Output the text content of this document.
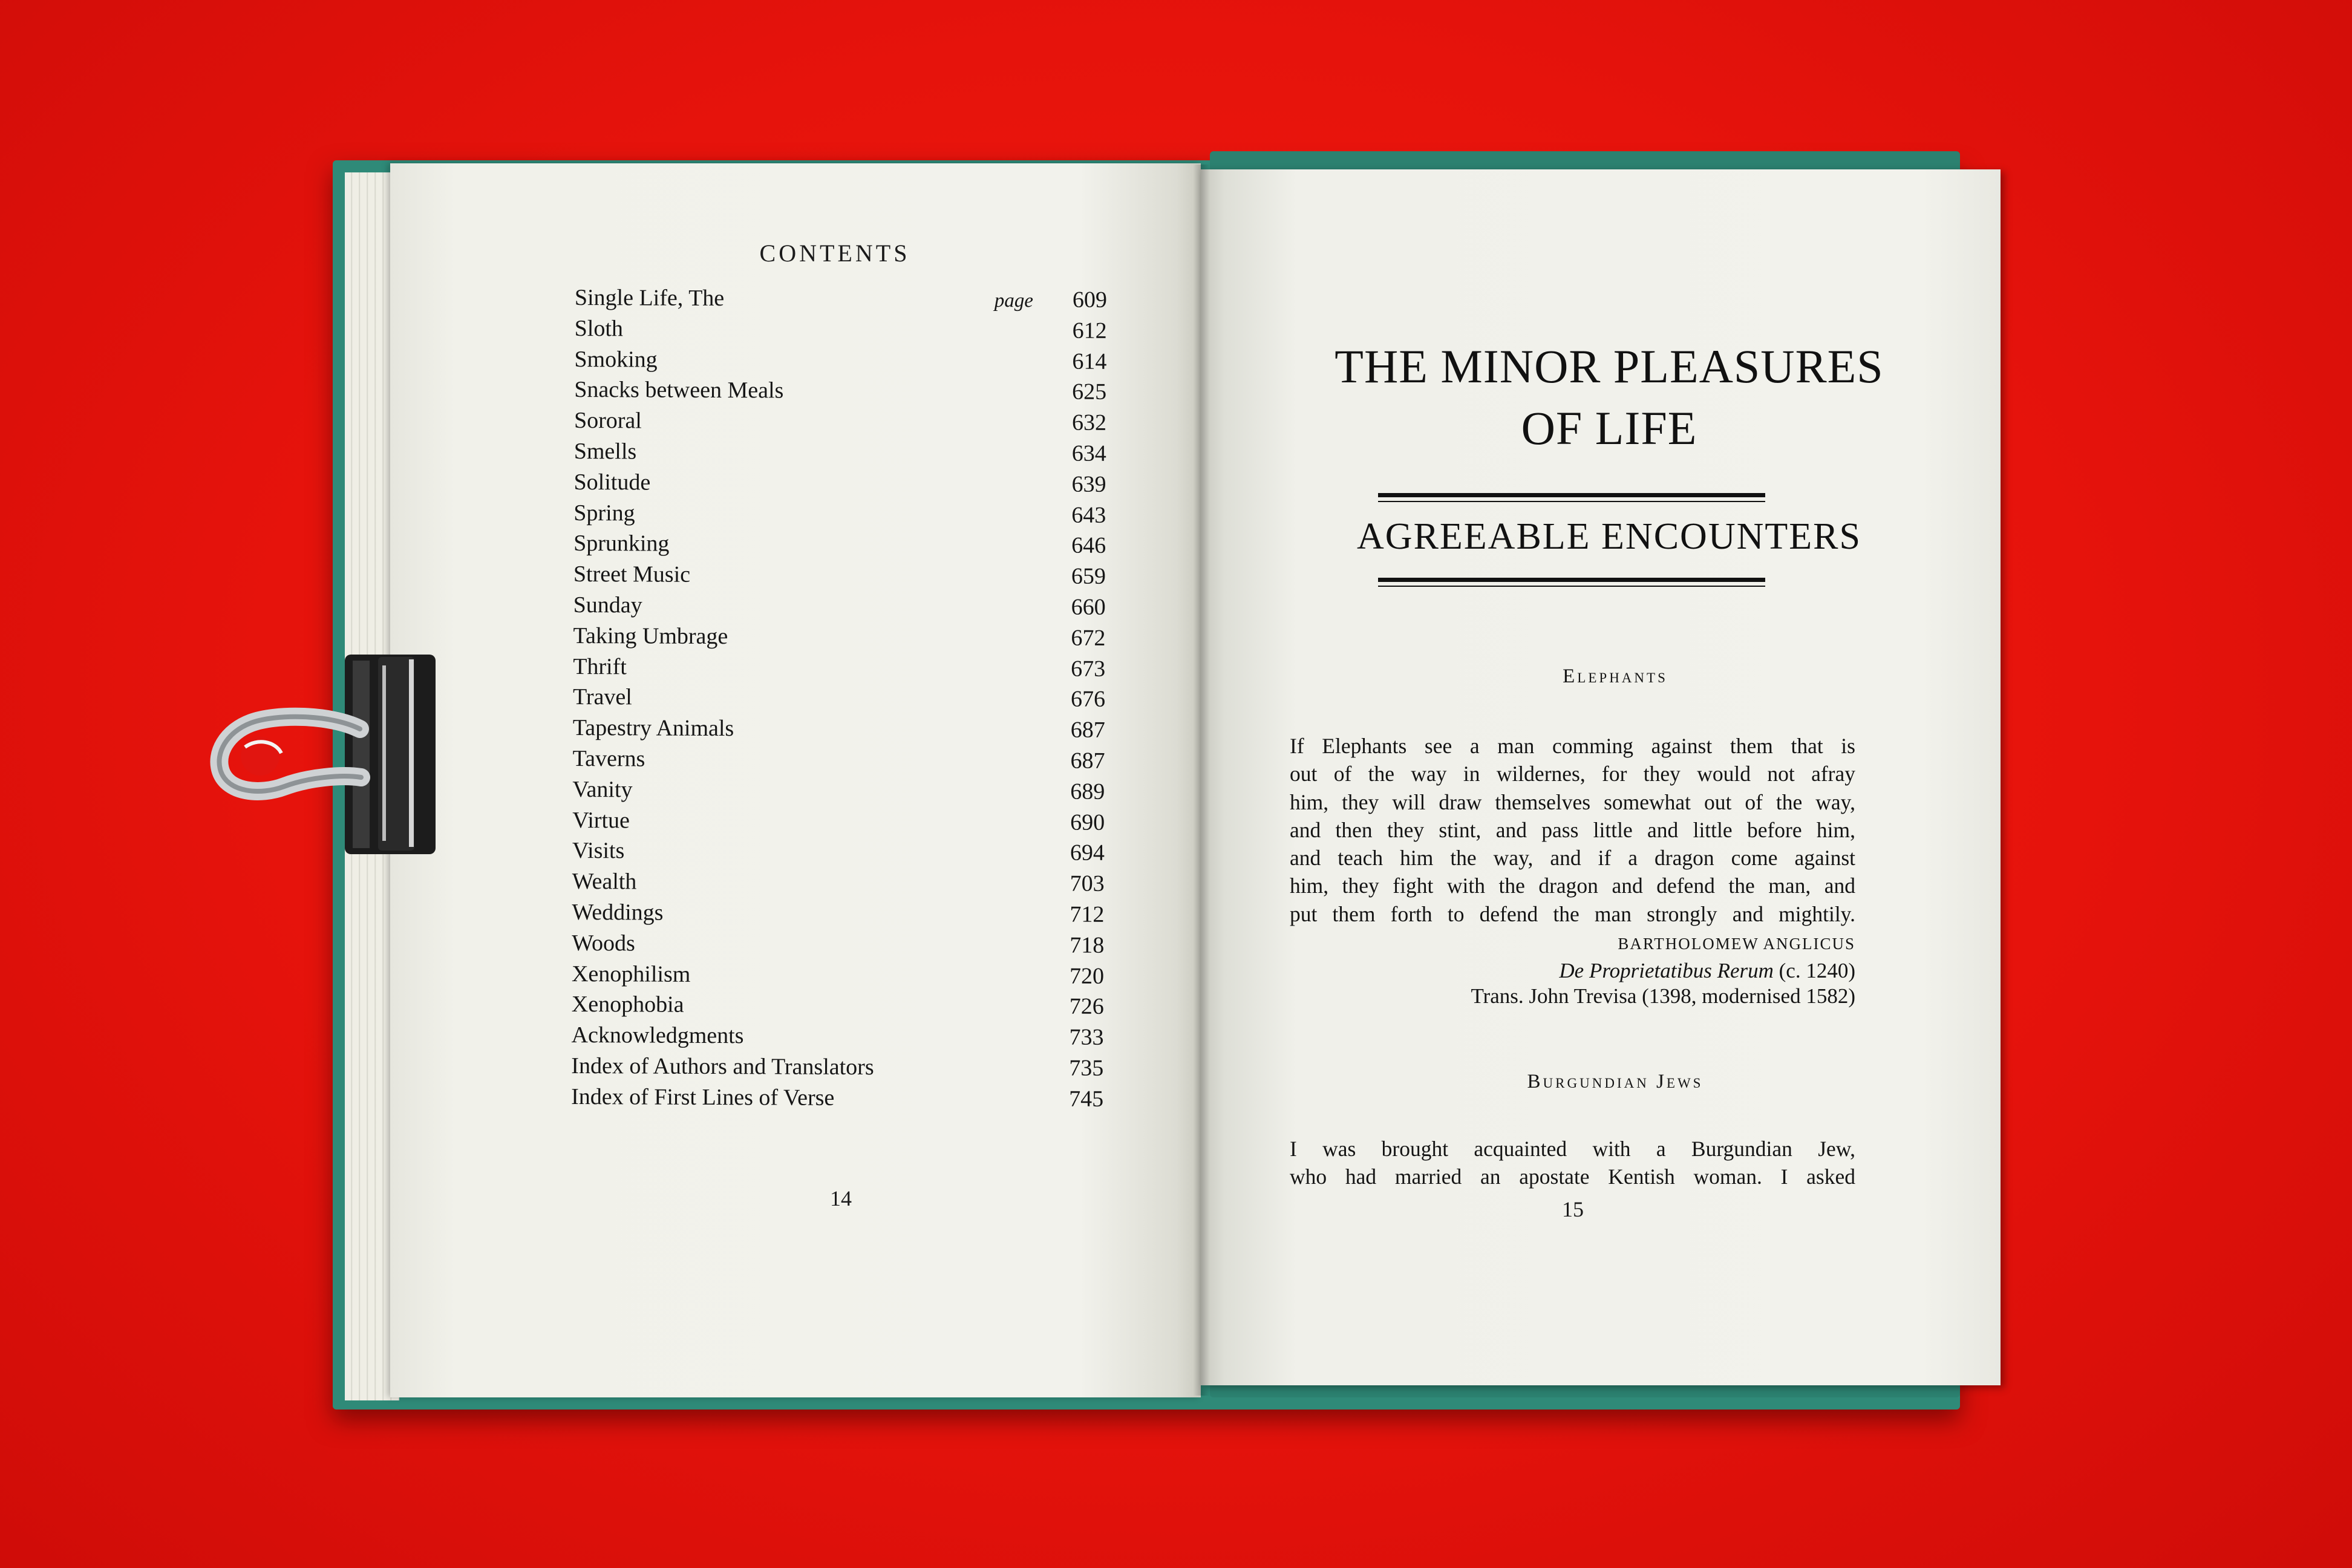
CONTENTS
Single Life, The	page	609
Sloth	612
Smoking	614
Snacks between Meals	625
Sororal	632
Smells	634
Solitude	639
Spring	643
Sprunking	646
Street Music	659
Sunday	660
Taking Umbrage	672
Thrift	673
Travel	676
Tapestry Animals	687
Taverns	687
Vanity	689
Virtue	690
Visits	694
Wealth	703
Weddings	712
Woods	718
Xenophilism	720
Xenophobia	726
Acknowledgments	733
Index of Authors and Translators	735
Index of First Lines of Verse	745
14
THE MINOR PLEASURES
OF LIFE
AGREEABLE ENCOUNTERS
Elephants
If Elephants see a man comming against them that is
out of the way in wildernes, for they would not afray
him, they will draw themselves somewhat out of the way,
and then they stint, and pass little and little before him,
and teach him the way, and if a dragon come against
him, they fight with the dragon and defend the man, and
put them forth to defend the man strongly and mightily.
BARTHOLOMEW ANGLICUS
De Proprietatibus Rerum (c. 1240)
Trans. John Trevisa (1398, modernised 1582)
Burgundian Jews
I was brought acquainted with a Burgundian Jew,
who had married an apostate Kentish woman. I asked
15
